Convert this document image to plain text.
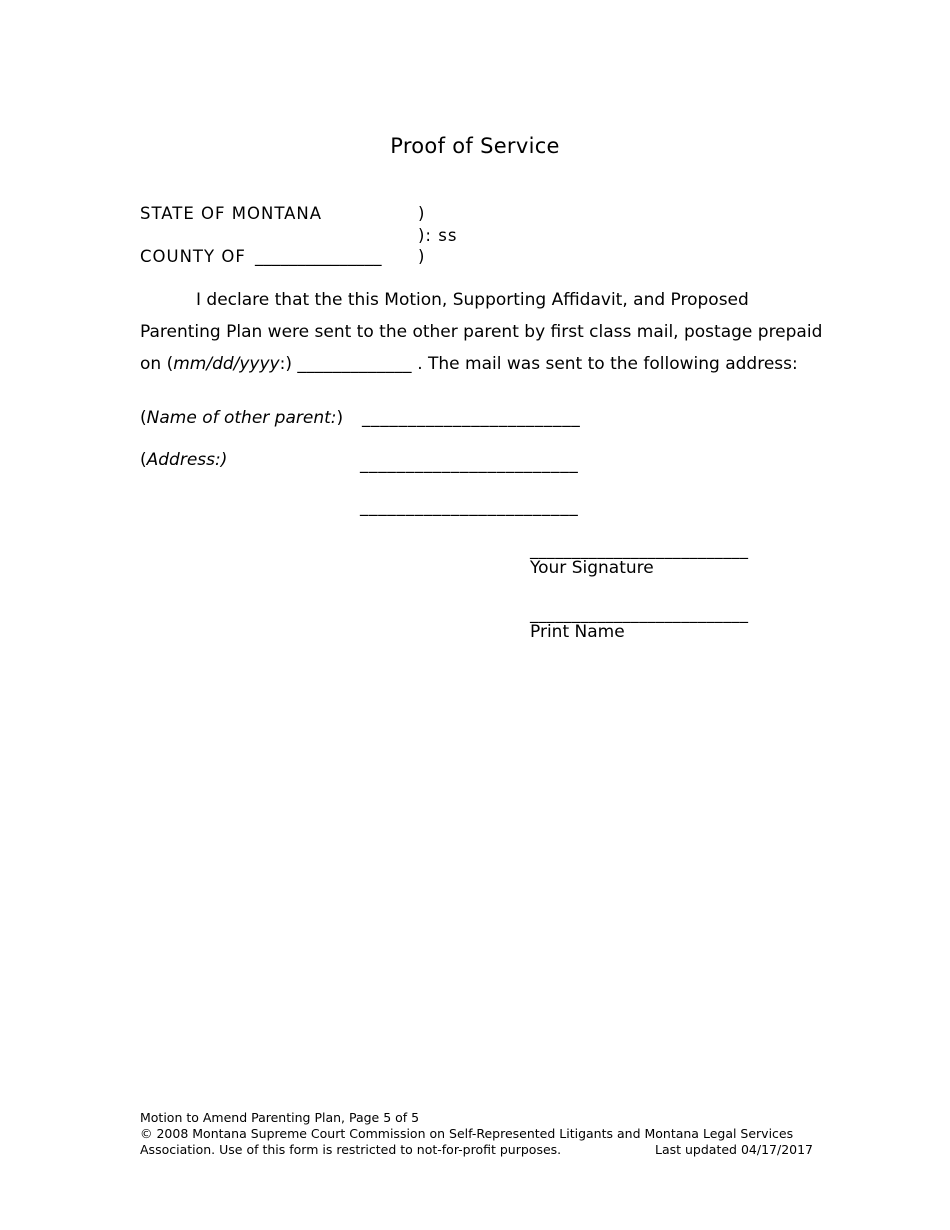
Proof of Service
STATE OF MONTANA
COUNTY OF _______________
)
): ss
)
I declare that the this Motion, Supporting Affidavit, and Proposed
Parenting Plan were sent to the other parent by first class mail, postage prepaid
on (mm/dd/yyyy:) _____________ . The mail was sent to the following address:
(Name of other parent:) ________________________
(Address:)	________________________
________________________
__________________________
Your Signature
__________________________
Print Name
Motion to Amend Parenting Plan, Page 5 of 5
© 2008 Montana Supreme Court Commission on Self-Represented Litigants and Montana Legal Services
Association. Use of this form is restricted to not-for-profit purposes.	Last updated 04/17/2017
